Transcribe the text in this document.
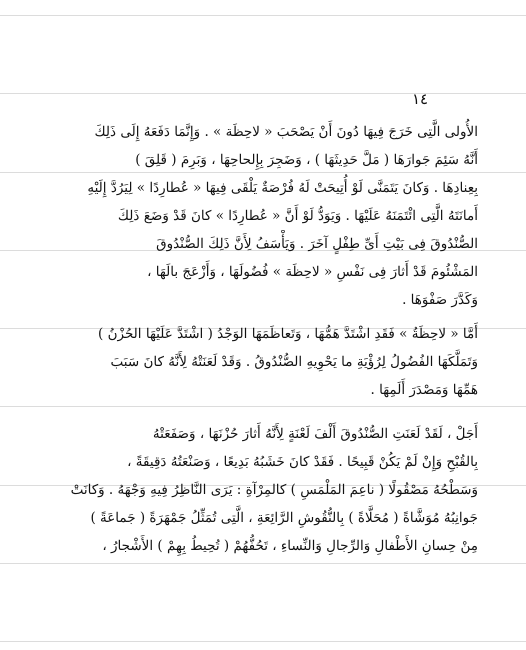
١٤
الأُولى الَّتِى خَرَجَ فِيهَا دُونَ أَنْ يَصْحَبَ « لاحِظَة » . وَإِنَّمَا دَفَعَهُ إِلَى ذَلِكَ
أَنَّهُ سَئِمَ جَوارَهَا ( مَلَّ حَدِيثَهَا ) ، وَضَجِرَ بِإِلحاحِهَا ، وَبَرِمَ ( قَلِقَ )
بِعِنادِهَا . وَكانَ يَتَمَنَّى لَوْ أُتِيحَتْ لَهُ فُرْصَةٌ يَلْقَى فِيهَا « عُطارِدًا » لِيَرُدَّ إِلَيْهِ
أَمانَتَهُ الَّتِى ائْتَمَنَهُ عَلَيْهَا . وَيَوَدُّ لَوْ أَنَّ « عُطارِدًا » كانَ قَدْ وَضَعَ ذَلِكَ
الصُّنْدُوقَ فِى بَيْتِ أَىِّ طِفْلٍ آخَرَ . وَيَأْسَفُ لِأَنَّ ذَلِكَ الصُّنْدُوقَ
المَشْئُومَ قَدْ أَثارَ فِى نَفْسِ « لاحِظَة » فُضُولَهَا ، وَأَزْعَجَ بالَهَا ،
وَكَدَّرَ صَفْوَهَا .
أَمَّا « لاحِظَةُ » فَقَدِ اشْتَدَّ هَمُّهَا ، وَتَعاظَمَهَا الوَجْدُ ( اشْتَدَّ عَلَيْهَا الحُزْنُ )
وَتَمَلَّكَهَا الفُضُولُ لِرُؤْيَةِ ما يَحْوِيهِ الصُّنْدُوقُ . وَقَدْ لَعَنَتْهُ لِأَنَّهُ كانَ سَبَبَ
هَمِّهَا وَمَصْدَرَ أَلَمِهَا .
أَجَلْ ، لَقَدْ لَعَنَتِ الصُّنْدُوقَ أَلْفَ لَعْنَةٍ لِأَنَّهُ أَثارَ حُزْنَهَا ، وَصَفَعَتْهُ
بِالقُبْحِ وَإِنْ لَمْ يَكُنْ قَبِيحًا . فَقَدْ كانَ خَشَبُهُ بَدِيعًا ، وَصَنْعَتُهُ دَقِيقَةً ،
وَسَطْحُهُ مَصْقُولًا ( ناعِمَ المَلْمَسِ ) كالمِرْآةِ : يَرَى النَّاظِرُ فِيهِ وَجْهَهُ . وَكانَتْ
جَوانِبُهُ مُوَشَّاةً ( مُحَلَّاةً ) بِالنُّقُوشِ الرَّائِعَةِ ، الَّتِى تُمَثِّلُ جَمْهَرَةً ( جَماعَةً )
مِنْ حِسانِ الأَطْفالِ وَالرِّجالِ وَالنِّساءِ ، تَحُفُّهُمْ ( تُحِيطُ بِهِمْ ) الأَشْجارُ ،
